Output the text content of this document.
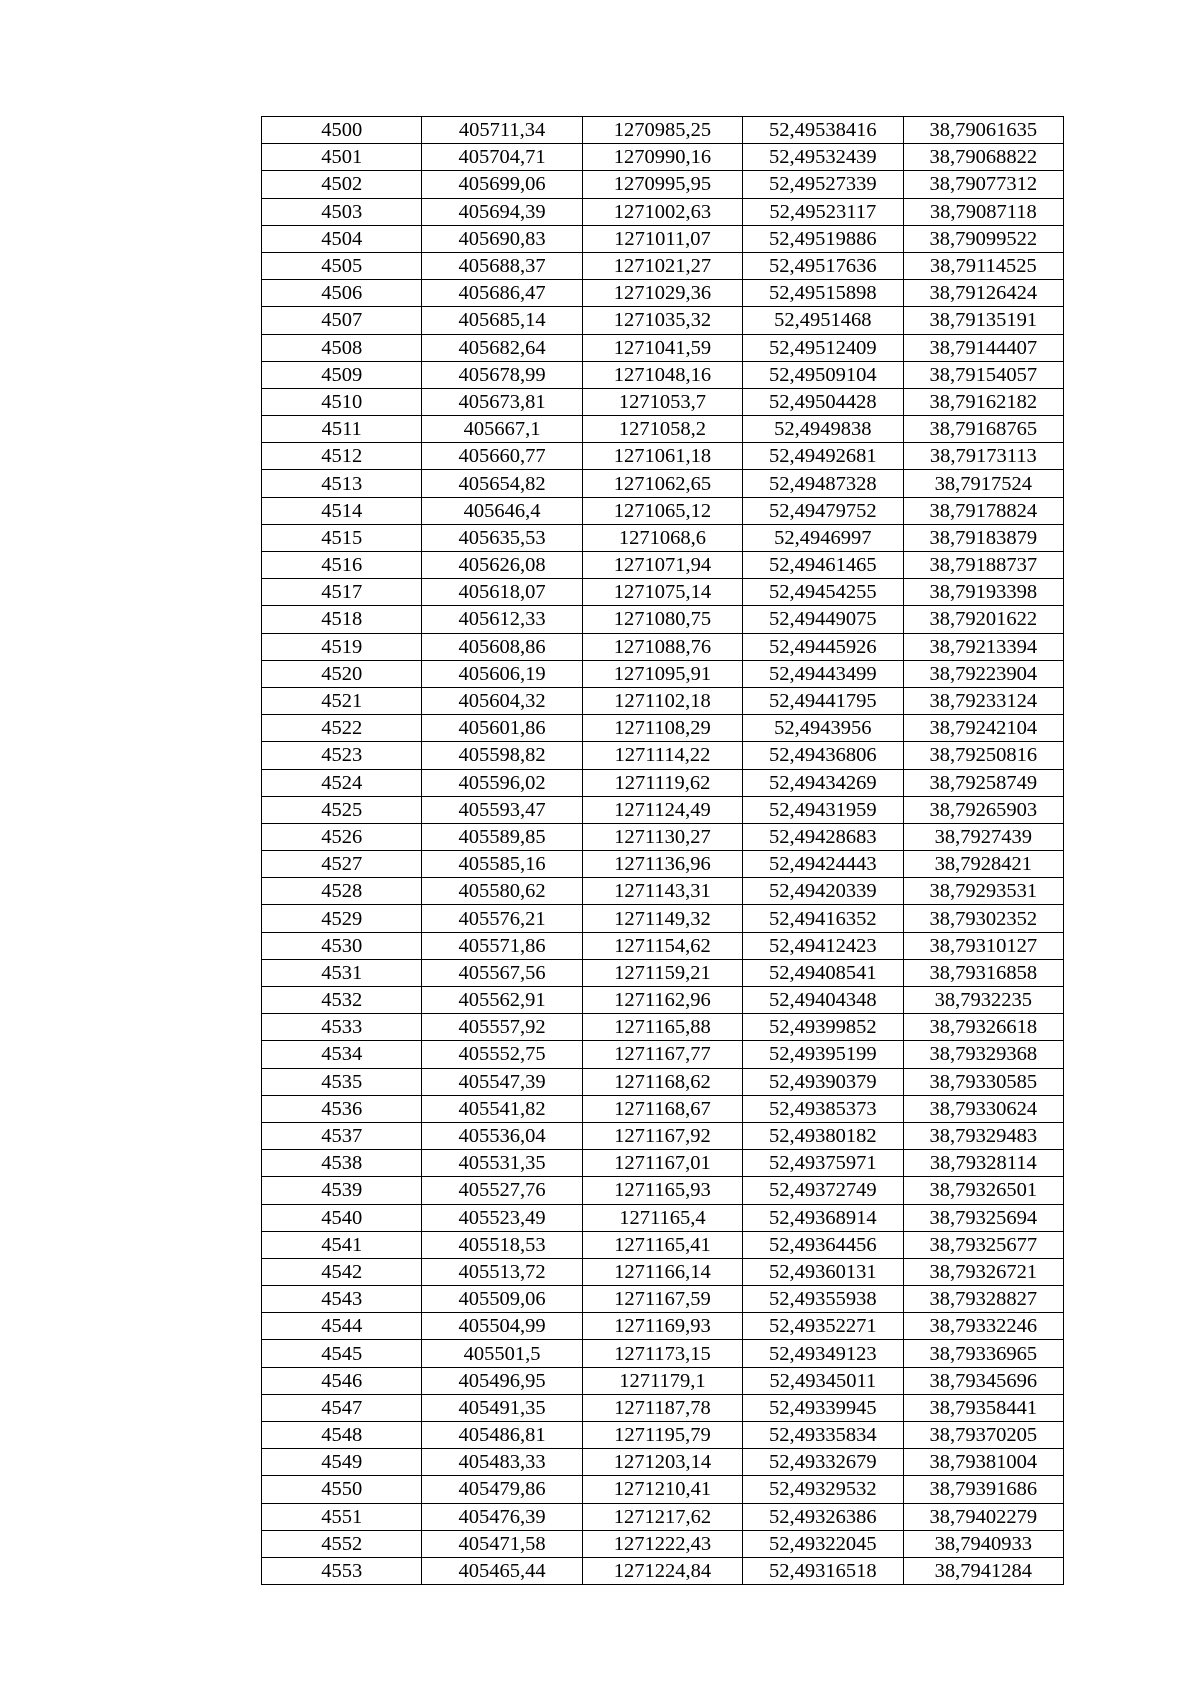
4500	405711,34	1270985,25	52,49538416	38,79061635
4501	405704,71	1270990,16	52,49532439	38,79068822
4502	405699,06	1270995,95	52,49527339	38,79077312
4503	405694,39	1271002,63	52,49523117	38,79087118
4504	405690,83	1271011,07	52,49519886	38,79099522
4505	405688,37	1271021,27	52,49517636	38,79114525
4506	405686,47	1271029,36	52,49515898	38,79126424
4507	405685,14	1271035,32	52,4951468	38,79135191
4508	405682,64	1271041,59	52,49512409	38,79144407
4509	405678,99	1271048,16	52,49509104	38,79154057
4510	405673,81	1271053,7	52,49504428	38,79162182
4511	405667,1	1271058,2	52,4949838	38,79168765
4512	405660,77	1271061,18	52,49492681	38,79173113
4513	405654,82	1271062,65	52,49487328	38,7917524
4514	405646,4	1271065,12	52,49479752	38,79178824
4515	405635,53	1271068,6	52,4946997	38,79183879
4516	405626,08	1271071,94	52,49461465	38,79188737
4517	405618,07	1271075,14	52,49454255	38,79193398
4518	405612,33	1271080,75	52,49449075	38,79201622
4519	405608,86	1271088,76	52,49445926	38,79213394
4520	405606,19	1271095,91	52,49443499	38,79223904
4521	405604,32	1271102,18	52,49441795	38,79233124
4522	405601,86	1271108,29	52,4943956	38,79242104
4523	405598,82	1271114,22	52,49436806	38,79250816
4524	405596,02	1271119,62	52,49434269	38,79258749
4525	405593,47	1271124,49	52,49431959	38,79265903
4526	405589,85	1271130,27	52,49428683	38,7927439
4527	405585,16	1271136,96	52,49424443	38,7928421
4528	405580,62	1271143,31	52,49420339	38,79293531
4529	405576,21	1271149,32	52,49416352	38,79302352
4530	405571,86	1271154,62	52,49412423	38,79310127
4531	405567,56	1271159,21	52,49408541	38,79316858
4532	405562,91	1271162,96	52,49404348	38,7932235
4533	405557,92	1271165,88	52,49399852	38,79326618
4534	405552,75	1271167,77	52,49395199	38,79329368
4535	405547,39	1271168,62	52,49390379	38,79330585
4536	405541,82	1271168,67	52,49385373	38,79330624
4537	405536,04	1271167,92	52,49380182	38,79329483
4538	405531,35	1271167,01	52,49375971	38,79328114
4539	405527,76	1271165,93	52,49372749	38,79326501
4540	405523,49	1271165,4	52,49368914	38,79325694
4541	405518,53	1271165,41	52,49364456	38,79325677
4542	405513,72	1271166,14	52,49360131	38,79326721
4543	405509,06	1271167,59	52,49355938	38,79328827
4544	405504,99	1271169,93	52,49352271	38,79332246
4545	405501,5	1271173,15	52,49349123	38,79336965
4546	405496,95	1271179,1	52,49345011	38,79345696
4547	405491,35	1271187,78	52,49339945	38,79358441
4548	405486,81	1271195,79	52,49335834	38,79370205
4549	405483,33	1271203,14	52,49332679	38,79381004
4550	405479,86	1271210,41	52,49329532	38,79391686
4551	405476,39	1271217,62	52,49326386	38,79402279
4552	405471,58	1271222,43	52,49322045	38,7940933
4553	405465,44	1271224,84	52,49316518	38,7941284
